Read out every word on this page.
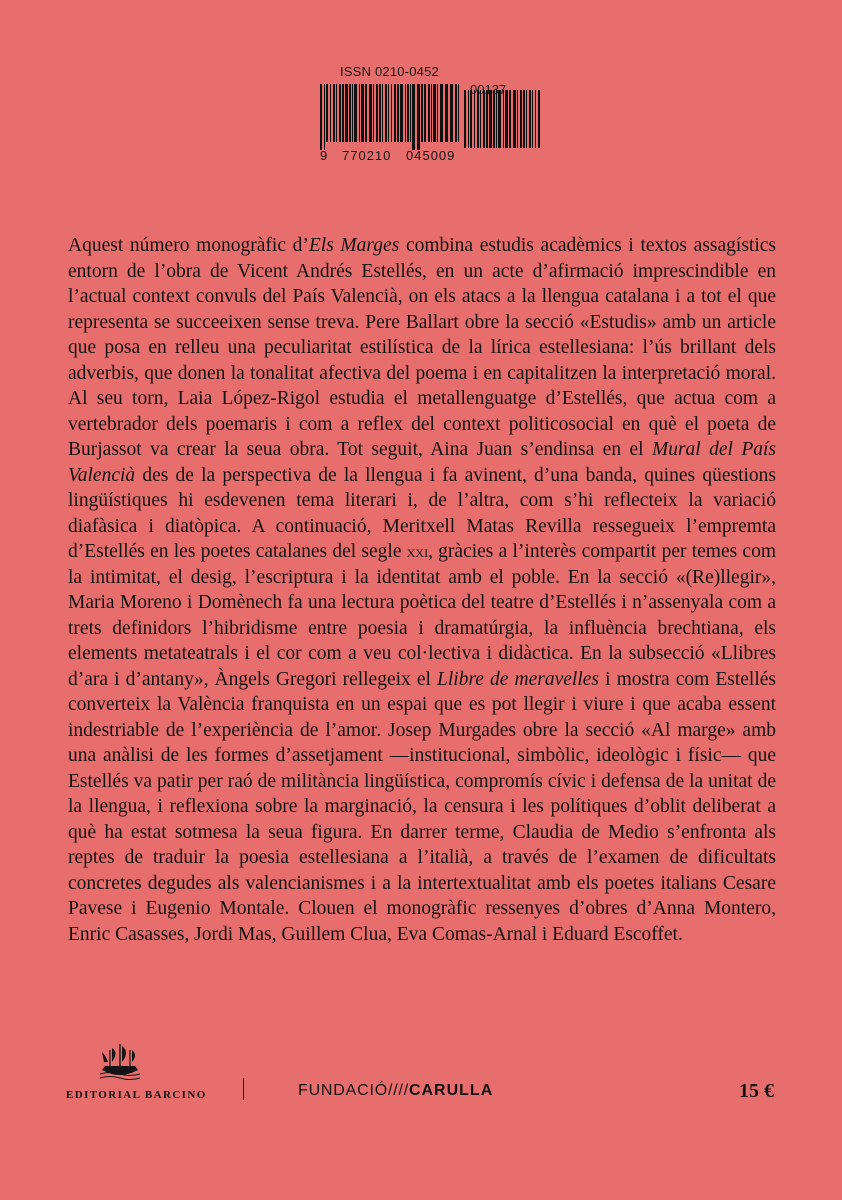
ISSN 0210-0452
9 770210 045009

Aquest número monogràfic d’Els Marges combina estudis acadèmics i textos assagístics entorn de l’obra de Vicent Andrés Estellés, en un acte d’afirmació imprescindible en l’actual context convuls del País Valencià, on els atacs a la llengua catalana i a tot el que representa se succeeixen sense treva. Pere Ballart obre la secció «Estudis» amb un article que posa en relleu una peculiaritat estilística de la lírica estellesiana: l’ús brillant dels adverbis, que donen la tonalitat afectiva del poema i en capitalitzen la interpretació moral. Al seu torn, Laia López-Rigol estudia el metallenguatge d’Estellés, que actua com a vertebrador dels poemaris i com a reflex del context politicosocial en què el poeta de Burjassot va crear la seua obra. Tot seguit, Aina Juan s’endinsa en el Mural del País Valencià des de la perspectiva de la llengua i fa avinent, d’una banda, quines qüestions lingüístiques hi esdevenen tema literari i, de l’altra, com s’hi reflecteix la variació diafàsica i diatòpica. A continuació, Meritxell Matas Revilla ressegueix l’empremta d’Estellés en les poetes catalanes del segle xxi, gràcies a l’interès compartit per temes com la intimitat, el desig, l’escriptura i la identitat amb el poble. En la secció «(Re)llegir», Maria Moreno i Domènech fa una lectura poètica del teatre d’Estellés i n’assenyala com a trets definidors l’hibridisme entre poesia i dramatúrgia, la influència brechtiana, els elements metateatrals i el cor com a veu col·lectiva i didàctica. En la subsecció «Llibres d’ara i d’antany», Àngels Gregori rellegeix el Llibre de meravelles i mostra com Estellés converteix la València franquista en un espai que es pot llegir i viure i que acaba essent indestriable de l’experiència de l’amor. Josep Murgades obre la secció «Al marge» amb una anàlisi de les formes d’assetjament —institucional, simbòlic, ideològic i físic— que Estellés va patir per raó de militància lingüística, compromís cívic i defensa de la unitat de la llengua, i reflexiona sobre la marginació, la censura i les polítiques d’oblit deliberat a què ha estat sotmesa la seua figura. En darrer terme, Claudia de Medio s’enfronta als reptes de traduir la poesia estellesiana a l’italià, a través de l’examen de dificultats concretes degudes als valencianismes i a la intertextualitat amb els poetes italians Cesare Pavese i Eugenio Montale. Clouen el monogràfic ressenyes d’obres d’Anna Montero, Enric Casasses, Jordi Mas, Guillem Clua, Eva Comas-Arnal i Eduard Escoffet.

EDITORIAL BARCINO	FUNDACIÓ////CARULLA	15 €
